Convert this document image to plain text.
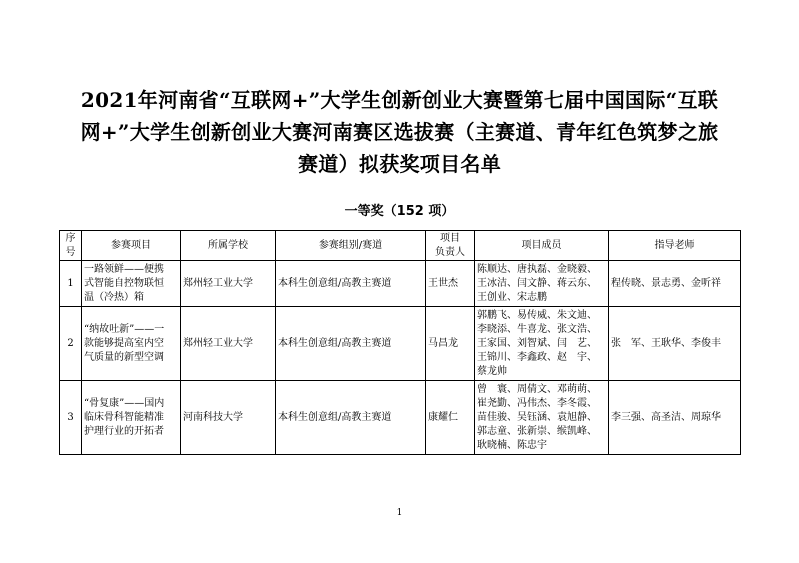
2021年河南省“互联网+”大学生创新创业大赛暨第七届中国国际“互联
网+”大学生创新创业大赛河南赛区选拔赛（主赛道、青年红色筑梦之旅
赛道）拟获奖项目名单
一等奖（152 项）
序号	参赛项目	所属学校	参赛组别/赛道	项目
负责人	项目成员	指导老师
1	一路领鲜——便携
式智能自控物联恒
温（冷热）箱	郑州轻工业大学	本科生创意组/高教主赛道	王世杰	陈顺达、唐执磊、金晓毅、
王冰洁、闫文静、蒋云东、
王创业、宋志鹏	程传晓、景志勇、金听祥
2	“纳故吐新”——一
款能够提高室内空
气质量的新型空调	郑州轻工业大学	本科生创意组/高教主赛道	马昌龙	郭鹏飞、易传威、朱文迪、
李晓添、牛喜龙、张文浩、
王家国、刘智斌、闫　艺、
王锦川、李鑫政、赵　宇、
蔡龙帅	张　军、王耿华、李俊丰
3	“骨复康”——国内
临床骨科智能精准
护理行业的开拓者	河南科技大学	本科生创意组/高教主赛道	康耀仁	曾　寰、周倩文、邓萌萌、
崔尧勤、冯伟杰、李冬霞、
苗佳骏、吴钰涵、袁旭静、
郭志童、张新崇、缑凯峰、
耿晓楠、陈忠宇	李三强、高圣洁、周琼华
1
